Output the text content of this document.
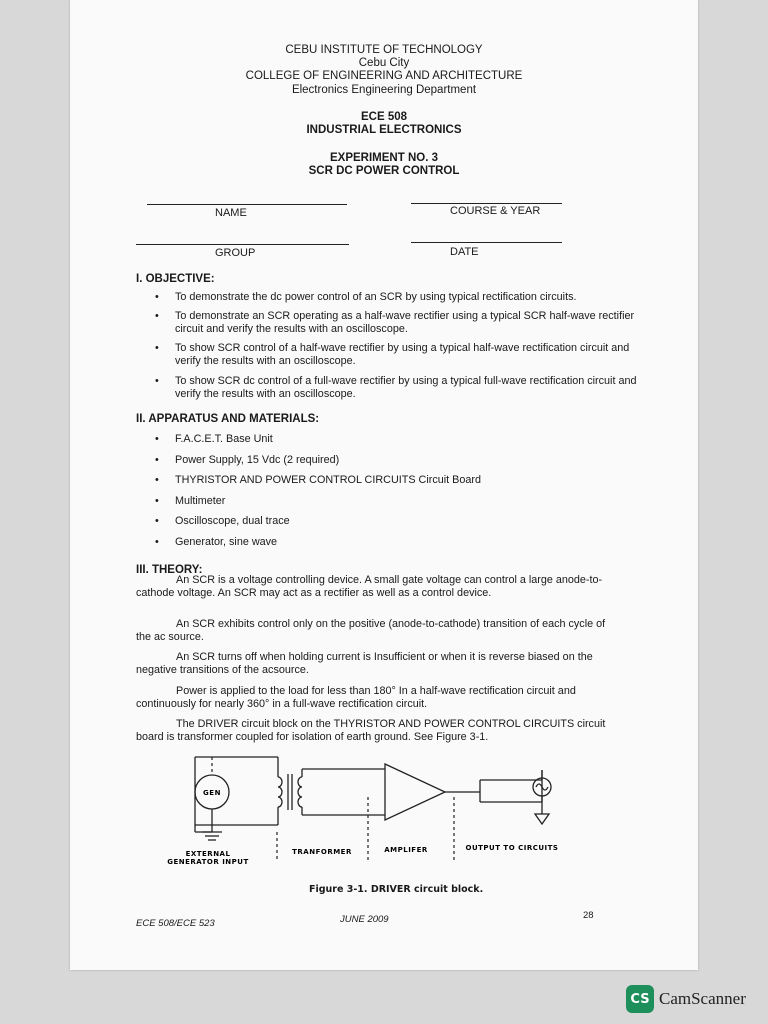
CEBU INSTITUTE OF TECHNOLOGY
Cebu City
COLLEGE OF ENGINEERING AND ARCHITECTURE
Electronics Engineering Department
ECE 508
INDUSTRIAL ELECTRONICS
EXPERIMENT NO. 3
SCR DC POWER CONTROL
NAME	COURSE & YEAR
GROUP	DATE
I. OBJECTIVE:
• To demonstrate the dc power control of an SCR by using typical rectification circuits.
• To demonstrate an SCR operating as a half-wave rectifier using a typical SCR half-wave rectifier circuit and verify the results with an oscilloscope.
• To show SCR control of a half-wave rectifier by using a typical half-wave rectification circuit and verify the results with an oscilloscope.
• To show SCR dc control of a full-wave rectifier by using a typical full-wave rectification circuit and verify the results with an oscilloscope.
II. APPARATUS AND MATERIALS:
• F.A.C.E.T. Base Unit
• Power Supply, 15 Vdc (2 required)
• THYRISTOR AND POWER CONTROL CIRCUITS Circuit Board
• Multimeter
• Oscilloscope, dual trace
• Generator, sine wave
III. THEORY:
An SCR is a voltage controlling device. A small gate voltage can control a large anode-to-cathode voltage. An SCR may act as a rectifier as well as a control device.
An SCR exhibits control only on the positive (anode-to-cathode) transition of each cycle of the ac source.
An SCR turns off when holding current is Insufficient or when it is reverse biased on the negative transitions of the acsource.
Power is applied to the load for less than 180° In a half-wave rectification circuit and continuously for nearly 360° in a full-wave rectification circuit.
The DRIVER circuit block on the THYRISTOR AND POWER CONTROL CIRCUITS circuit board is transformer coupled for isolation of earth ground. See Figure 3-1.
GEN
EXTERNAL
GENERATOR INPUT
TRANFORMER	AMPLIFER	OUTPUT TO CIRCUITS
Figure 3-1. DRIVER circuit block.
ECE 508/ECE 523	JUNE 2009	28
CS CamScanner
